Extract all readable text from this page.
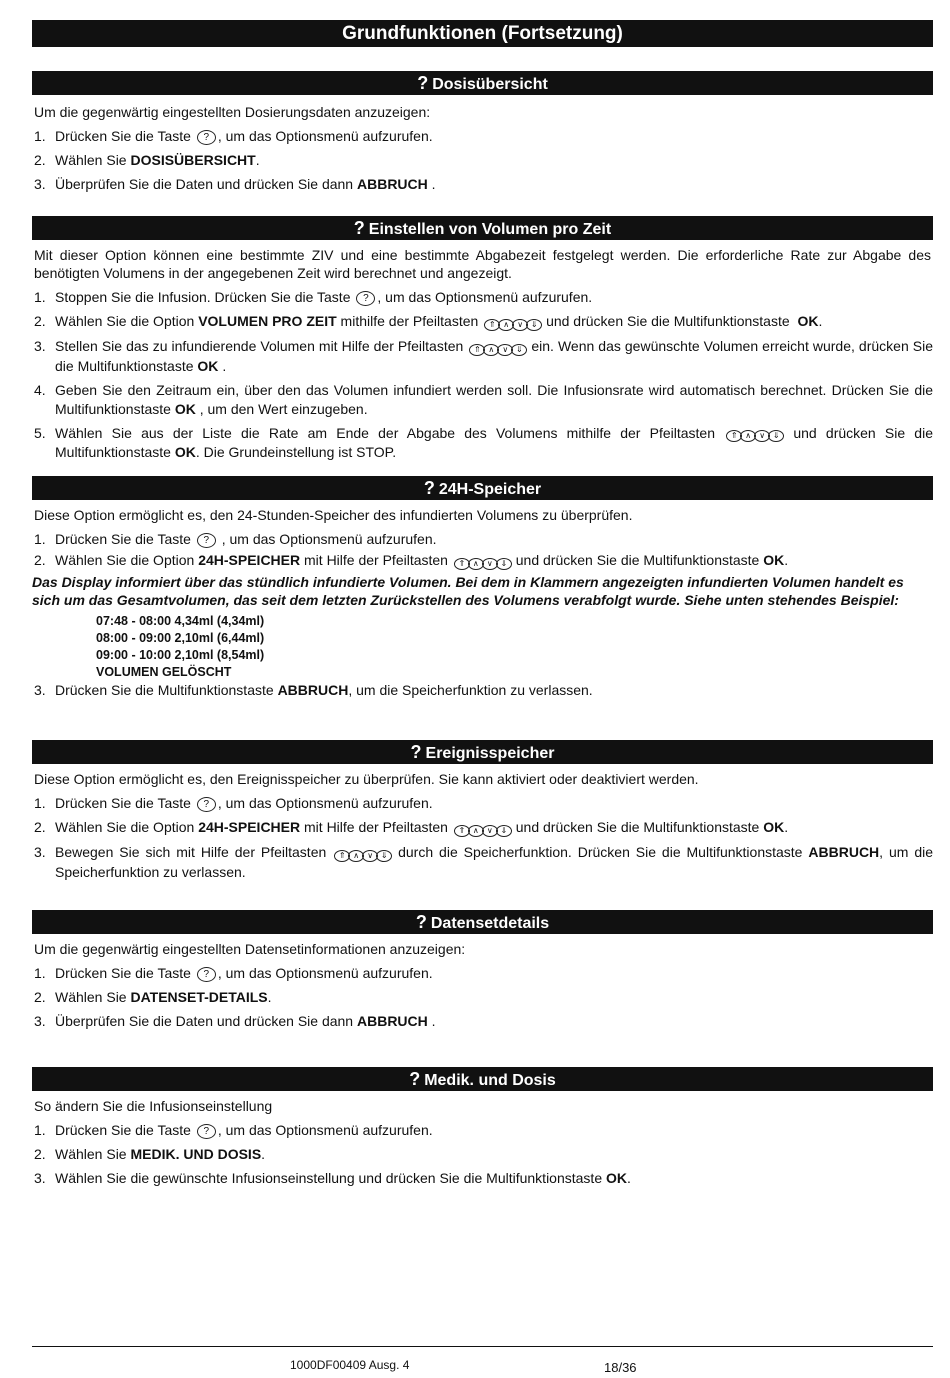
Grundfunktionen (Fortsetzung)
? Dosisübersicht
Um die gegenwärtig eingestellten Dosierungsdaten anzuzeigen:
1. Drücken Sie die Taste ? , um das Optionsmenü aufzurufen.
2. Wählen Sie DOSISÜBERSICHT.
3. Überprüfen Sie die Daten und drücken Sie dann ABBRUCH .
? Einstellen von Volumen pro Zeit
Mit dieser Option können eine bestimmte ZIV und eine bestimmte Abgabezeit festgelegt werden. Die erforderliche Rate zur Abgabe des benötigten Volumens in der angegebenen Zeit wird berechnet und angezeigt.
1. Stoppen Sie die Infusion. Drücken Sie die Taste ? , um das Optionsmenü aufzurufen.
2. Wählen Sie die Option VOLUMEN PRO ZEIT mithilfe der Pfeiltasten ⇑ ∧ ∨ ⇓ und drücken Sie die Multifunktionstaste OK.
3. Stellen Sie das zu infundierende Volumen mit Hilfe der Pfeiltasten ⇑ ∧ ∨ ⇓ ein. Wenn das gewünschte Volumen erreicht wurde, drücken Sie die Multifunktionstaste OK .
4. Geben Sie den Zeitraum ein, über den das Volumen infundiert werden soll. Die Infusionsrate wird automatisch berechnet. Drücken Sie die Multifunktionstaste OK , um den Wert einzugeben.
5. Wählen Sie aus der Liste die Rate am Ende der Abgabe des Volumens mithilfe der Pfeiltasten ⇑ ∧ ∨ ⇓ und drücken Sie die Multifunktionstaste OK. Die Grundeinstellung ist STOP.
? 24H-Speicher
Diese Option ermöglicht es, den 24-Stunden-Speicher des infundierten Volumens zu überprüfen.
1. Drücken Sie die Taste ? , um das Optionsmenü aufzurufen.
2. Wählen Sie die Option 24H-SPEICHER mit Hilfe der Pfeiltasten ⇑ ∧ ∨ ⇓ und drücken Sie die Multifunktionstaste OK.
Das Display informiert über das stündlich infundierte Volumen. Bei dem in Klammern angezeigten infundierten Volumen handelt es sich um das Gesamtvolumen, das seit dem letzten Zurückstellen des Volumens verabfolgt wurde. Siehe unten stehendes Beispiel:
07:48 - 08:00 4,34ml (4,34ml)
08:00 - 09:00 2,10ml (6,44ml)
09:00 - 10:00 2,10ml (8,54ml)
VOLUMEN GELÖSCHT
3. Drücken Sie die Multifunktionstaste ABBRUCH, um die Speicherfunktion zu verlassen.
? Ereignisspeicher
Diese Option ermöglicht es, den Ereignisspeicher zu überprüfen. Sie kann aktiviert oder deaktiviert werden.
1. Drücken Sie die Taste ? , um das Optionsmenü aufzurufen.
2. Wählen Sie die Option 24H-SPEICHER mit Hilfe der Pfeiltasten ⇑ ∧ ∨ ⇓ und drücken Sie die Multifunktionstaste OK.
3. Bewegen Sie sich mit Hilfe der Pfeiltasten ⇑ ∧ ∨ ⇓ durch die Speicherfunktion. Drücken Sie die Multifunktionstaste ABBRUCH, um die Speicherfunktion zu verlassen.
? Datensetdetails
Um die gegenwärtig eingestellten Datensetinformationen anzuzeigen:
1. Drücken Sie die Taste ? , um das Optionsmenü aufzurufen.
2. Wählen Sie DATENSET-DETAILS.
3. Überprüfen Sie die Daten und drücken Sie dann ABBRUCH .
? Medik. und Dosis
So ändern Sie die Infusionseinstellung
1. Drücken Sie die Taste ? , um das Optionsmenü aufzurufen.
2. Wählen Sie MEDIK. UND DOSIS.
3. Wählen Sie die gewünschte Infusionseinstellung und drücken Sie die Multifunktionstaste OK.
1000DF00409 Ausg. 4	18/36
